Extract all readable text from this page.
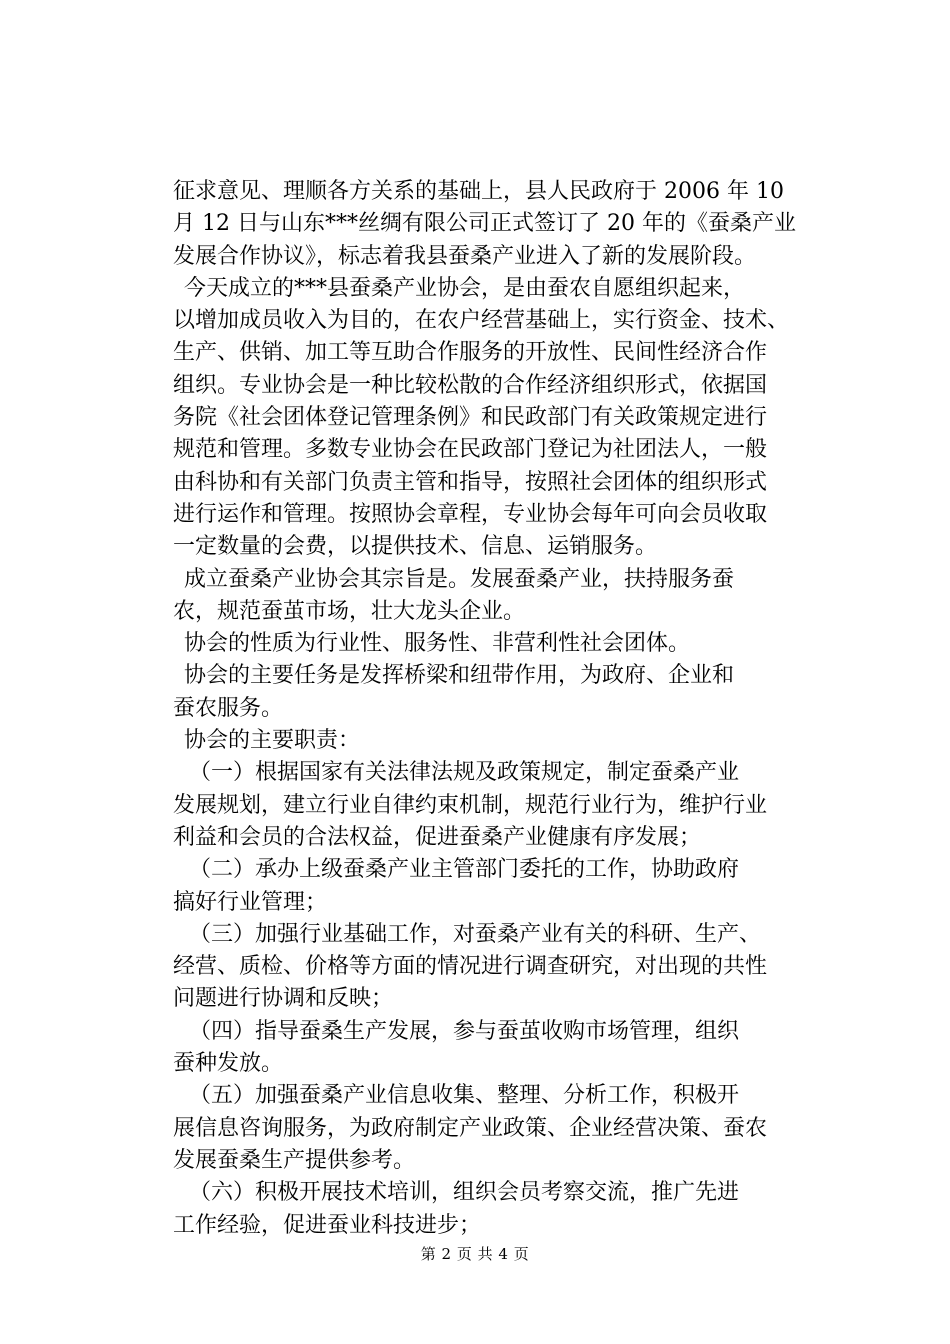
征求意见、理顺各方关系的基础上，县人民政府于 2006 年 10
月 12 日与山东***丝绸有限公司正式签订了 20 年的《蚕桑产业
发展合作协议》，标志着我县蚕桑产业进入了新的发展阶段。
今天成立的***县蚕桑产业协会，是由蚕农自愿组织起来，
以增加成员收入为目的，在农户经营基础上，实行资金、技术、
生产、供销、加工等互助合作服务的开放性、民间性经济合作
组织。专业协会是一种比较松散的合作经济组织形式，依据国
务院《社会团体登记管理条例》和民政部门有关政策规定进行
规范和管理。多数专业协会在民政部门登记为社团法人，一般
由科协和有关部门负责主管和指导，按照社会团体的组织形式
进行运作和管理。按照协会章程，专业协会每年可向会员收取
一定数量的会费，以提供技术、信息、运销服务。
成立蚕桑产业协会其宗旨是。发展蚕桑产业，扶持服务蚕
农，规范蚕茧市场，壮大龙头企业。
协会的性质为行业性、服务性、非营利性社会团体。
协会的主要任务是发挥桥梁和纽带作用，为政府、企业和
蚕农服务。
协会的主要职责：
（一）根据国家有关法律法规及政策规定，制定蚕桑产业
发展规划，建立行业自律约束机制，规范行业行为，维护行业
利益和会员的合法权益，促进蚕桑产业健康有序发展；
（二）承办上级蚕桑产业主管部门委托的工作，协助政府
搞好行业管理；
（三）加强行业基础工作，对蚕桑产业有关的科研、生产、
经营、质检、价格等方面的情况进行调查研究，对出现的共性
问题进行协调和反映；
（四）指导蚕桑生产发展，参与蚕茧收购市场管理，组织
蚕种发放。
（五）加强蚕桑产业信息收集、整理、分析工作，积极开
展信息咨询服务，为政府制定产业政策、企业经营决策、蚕农
发展蚕桑生产提供参考。
（六）积极开展技术培训，组织会员考察交流，推广先进
工作经验，促进蚕业科技进步；
第 2 页 共 4 页
